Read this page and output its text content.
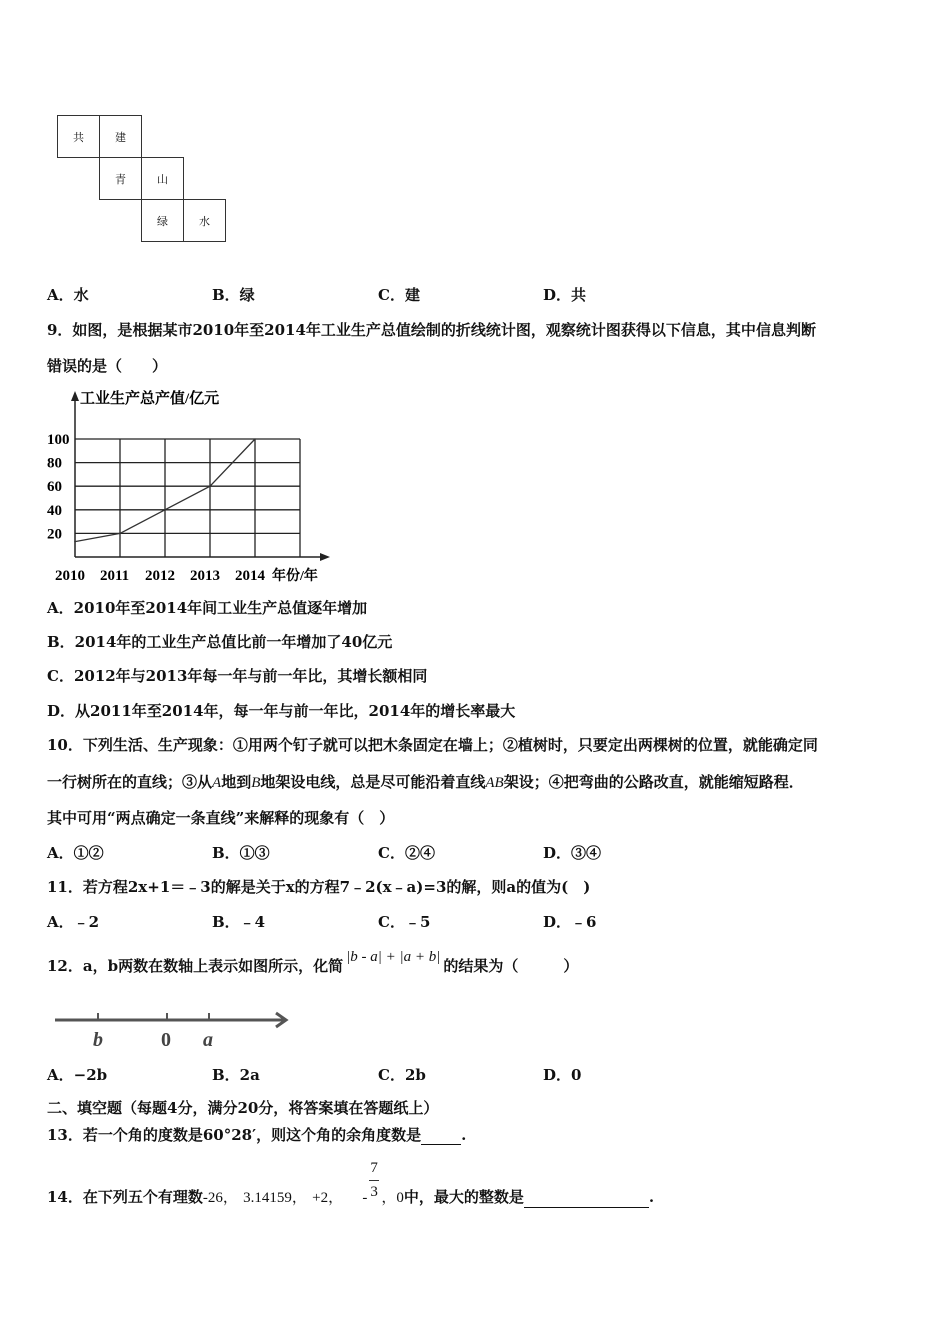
共	建
青	山
绿	水
A．水	B．绿	C．建	D．共
9．如图，是根据某市2010年至2014年工业生产总值绘制的折线统计图，观察统计图获得以下信息，其中信息判断
错误的是（　　）
工业生产总产值/亿元
年份/年
20
40
60
80
100
2010 2011 2012 2013 2014
A．2010年至2014年间工业生产总值逐年增加
B．2014年的工业生产总值比前一年增加了40亿元
C．2012年与2013年每一年与前一年比，其增长额相同
D．从2011年至2014年，每一年与前一年比，2014年的增长率最大
10．下列生活、生产现象：①用两个钉子就可以把木条固定在墙上；②植树时，只要定出两棵树的位置，就能确定同
一行树所在的直线；③从A地到B地架设电线，总是尽可能沿着直线AB架设；④把弯曲的公路改直，就能缩短路程．
其中可用“两点确定一条直线”来解释的现象有（　）
A．①②	B．①③	C．②④	D．③④
11．若方程2x+1＝﹣3的解是关于x的方程7﹣2(x﹣a)=3的解，则a的值为(　)
A．﹣2	B．﹣4	C．﹣5	D．﹣6
12．a，b两数在数轴上表示如图所示，化简 |b - a| + |a + b| 的结果为（　　　）
b	0 a
A．−2b	B．2a	C．2b	D．0
二、填空题（每题4分，满分20分，将答案填在答题纸上）
13．若一个角的度数是60°28′，则这个角的余角度数是	.
14．在下列五个有理数-26， 3.14159， +2， - $\frac{7}{3}$ ，0中，最大的整数是	.
